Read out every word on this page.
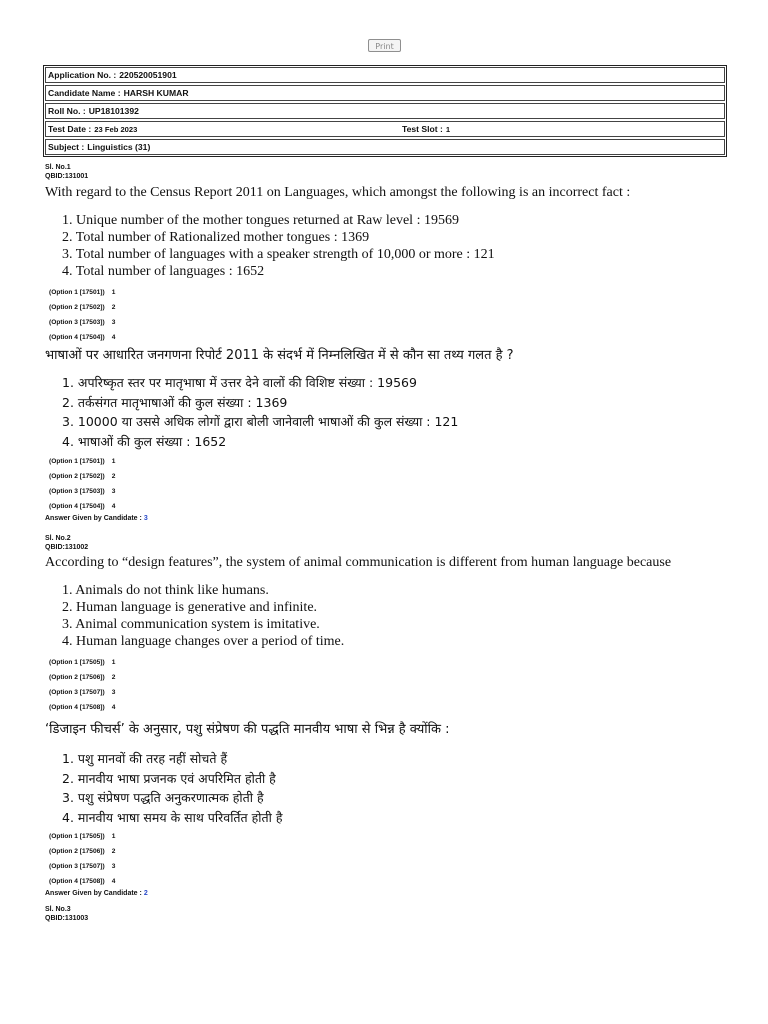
Print
Application No. : 220520051901
Candidate Name : HARSH KUMAR
Roll No. : UP18101392
Test Date : 23 Feb 2023	Test Slot : 1
Subject : Linguistics (31)
Sl. No.1
QBID:131001
With regard to the Census Report 2011 on Languages, which amongst the following is an incorrect fact :
1. Unique number of the mother tongues returned at Raw level : 19569
2. Total number of Rationalized mother tongues : 1369
3. Total number of languages with a speaker strength of 10,000 or more : 121
4. Total number of languages : 1652
(Option 1 [17501]) 1
(Option 2 [17502]) 2
(Option 3 [17503]) 3
(Option 4 [17504]) 4
भाषाओं पर आधारित जनगणना रिपोर्ट 2011 के संदर्भ में निम्नलिखित में से कौन सा तथ्य गलत है ?
1. अपरिष्कृत स्तर पर मातृभाषा में उत्तर देने वालों की विशिष्ट संख्या : 19569
2. तर्कसंगत मातृभाषाओं की कुल संख्या : 1369
3. 10000 या उससे अधिक लोगों द्वारा बोली जानेवाली भाषाओं की कुल संख्या : 121
4. भाषाओं की कुल संख्या : 1652
(Option 1 [17501]) 1
(Option 2 [17502]) 2
(Option 3 [17503]) 3
(Option 4 [17504]) 4
Answer Given by Candidate : 3
Sl. No.2
QBID:131002
According to “design features”, the system of animal communication is different from human language because
1. Animals do not think like humans.
2. Human language is generative and infinite.
3. Animal communication system is imitative.
4. Human language changes over a period of time.
(Option 1 [17505]) 1
(Option 2 [17506]) 2
(Option 3 [17507]) 3
(Option 4 [17508]) 4
‘डिजाइन फीचर्स’ के अनुसार, पशु संप्रेषण की पद्धति मानवीय भाषा से भिन्न है क्योंकि :
1. पशु मानवों की तरह नहीं सोचते हैं
2. मानवीय भाषा प्रजनक एवं अपरिमित होती है
3. पशु संप्रेषण पद्धति अनुकरणात्मक होती है
4. मानवीय भाषा समय के साथ परिवर्तित होती है
(Option 1 [17505]) 1
(Option 2 [17506]) 2
(Option 3 [17507]) 3
(Option 4 [17508]) 4
Answer Given by Candidate : 2
Sl. No.3
QBID:131003
